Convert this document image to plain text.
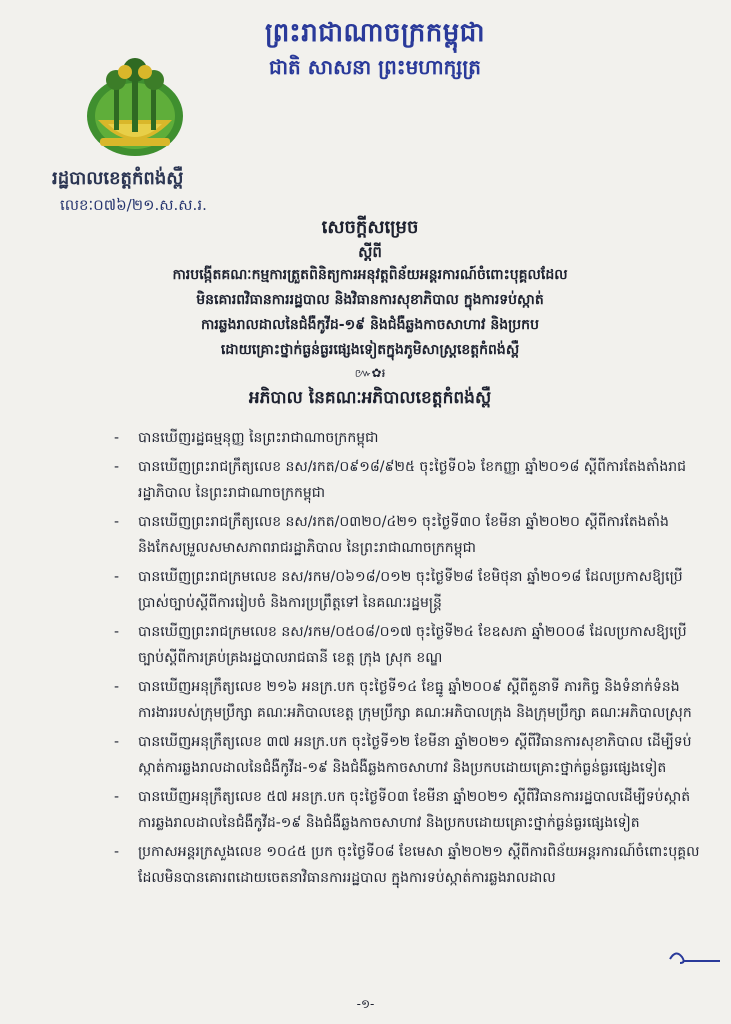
ព្រះរាជាណាចក្រកម្ពុជា
ជាតិ សាសនា ព្រះមហាក្សត្រ
រដ្ឋបាលខេត្តកំពង់ស្ពឺ
លេខៈ០៧៦/២១.ស.ស.រ.
សេចក្ដីសម្រេច
ស្ដីពី
ការបង្កើតគណៈកម្មការត្រួតពិនិត្យការអនុវត្តពិន័យអន្តរការណ៍ចំពោះបុគ្គលដែល
មិនគោរពវិធានការរដ្ឋបាល និងវិធានការសុខាភិបាល ក្នុងការទប់ស្កាត់
ការឆ្លងរាលដាលនៃជំងឺកូវីដ-១៩ និងជំងឺឆ្លងកាចសាហាវ និងប្រកប
ដោយគ្រោះថ្នាក់ធ្ងន់ធ្ងរផ្សេងទៀតក្នុងភូមិសាស្ត្រខេត្តកំពង់ស្ពឺ
៚✿៛
អភិបាល នៃគណៈអភិបាលខេត្តកំពង់ស្ពឺ
- បានឃើញរដ្ឋធម្មនុញ្ញ នៃព្រះរាជាណាចក្រកម្ពុជា
- បានឃើញព្រះរាជក្រឹត្យលេខ នស/រកត/០៩១៨/៩២៥ ចុះថ្ងៃទី០៦ ខែកញ្ញា ឆ្នាំ២០១៨ ស្ដីពីការតែងតាំងរាជរដ្ឋាភិបាល នៃព្រះរាជាណាចក្រកម្ពុជា
- បានឃើញព្រះរាជក្រឹត្យលេខ នស/រកត/០៣២០/៤២១ ចុះថ្ងៃទី៣០ ខែមីនា ឆ្នាំ២០២០ ស្ដីពីការតែងតាំង និងកែសម្រួលសមាសភាពរាជរដ្ឋាភិបាល នៃព្រះរាជាណាចក្រកម្ពុជា
- បានឃើញព្រះរាជក្រមលេខ នស/រកម/០៦១៨/០១២ ចុះថ្ងៃទី២៨ ខែមិថុនា ឆ្នាំ២០១៨ ដែលប្រកាសឱ្យប្រើប្រាស់ច្បាប់ស្ដីពីការរៀបចំ និងការប្រព្រឹត្តទៅ នៃគណៈរដ្ឋមន្ត្រី
- បានឃើញព្រះរាជក្រមលេខ នស/រកម/០៥០៨/០១៧ ចុះថ្ងៃទី២៤ ខែឧសភា ឆ្នាំ២០០៨ ដែលប្រកាសឱ្យប្រើច្បាប់ស្ដីពីការគ្រប់គ្រងរដ្ឋបាលរាជធានី ខេត្ត ក្រុង ស្រុក ខណ្ឌ
- បានឃើញអនុក្រឹត្យលេខ ២១៦ អនក្រ.បក ចុះថ្ងៃទី១៤ ខែធ្នូ ឆ្នាំ២០០៩ ស្ដីពីតួនាទី ភារកិច្ច និងទំនាក់ទំនងការងាររបស់ក្រុមប្រឹក្សា គណៈអភិបាលខេត្ត ក្រុមប្រឹក្សា គណៈអភិបាលក្រុង និងក្រុមប្រឹក្សា គណៈអភិបាលស្រុក
- បានឃើញអនុក្រឹត្យលេខ ៣៧ អនក្រ.បក ចុះថ្ងៃទី១២ ខែមីនា ឆ្នាំ២០២១ ស្ដីពីវិធានការសុខាភិបាល ដើម្បីទប់ស្កាត់ការឆ្លងរាលដាលនៃជំងឺកូវីដ-១៩ និងជំងឺឆ្លងកាចសាហាវ និងប្រកបដោយគ្រោះថ្នាក់ធ្ងន់ធ្ងរផ្សេងទៀត
- បានឃើញអនុក្រឹត្យលេខ ៥៧ អនក្រ.បក ចុះថ្ងៃទី០៣ ខែមីនា ឆ្នាំ២០២១ ស្ដីពីវិធានការរដ្ឋបាលដើម្បីទប់ស្កាត់ការឆ្លងរាលដាលនៃជំងឺកូវីដ-១៩ និងជំងឺឆ្លងកាចសាហាវ និងប្រកបដោយគ្រោះថ្នាក់ធ្ងន់ធ្ងរផ្សេងទៀត
- ប្រកាសអន្តរក្រសួងលេខ ១០៤៥ ប្រក ចុះថ្ងៃទី០៨ ខែមេសា ឆ្នាំ២០២១ ស្ដីពីការពិន័យអន្តរការណ៍ចំពោះបុគ្គលដែលមិនបានគោរពដោយចេតនាវិធានការរដ្ឋបាល ក្នុងការទប់ស្កាត់ការឆ្លងរាលដាល
-១-
